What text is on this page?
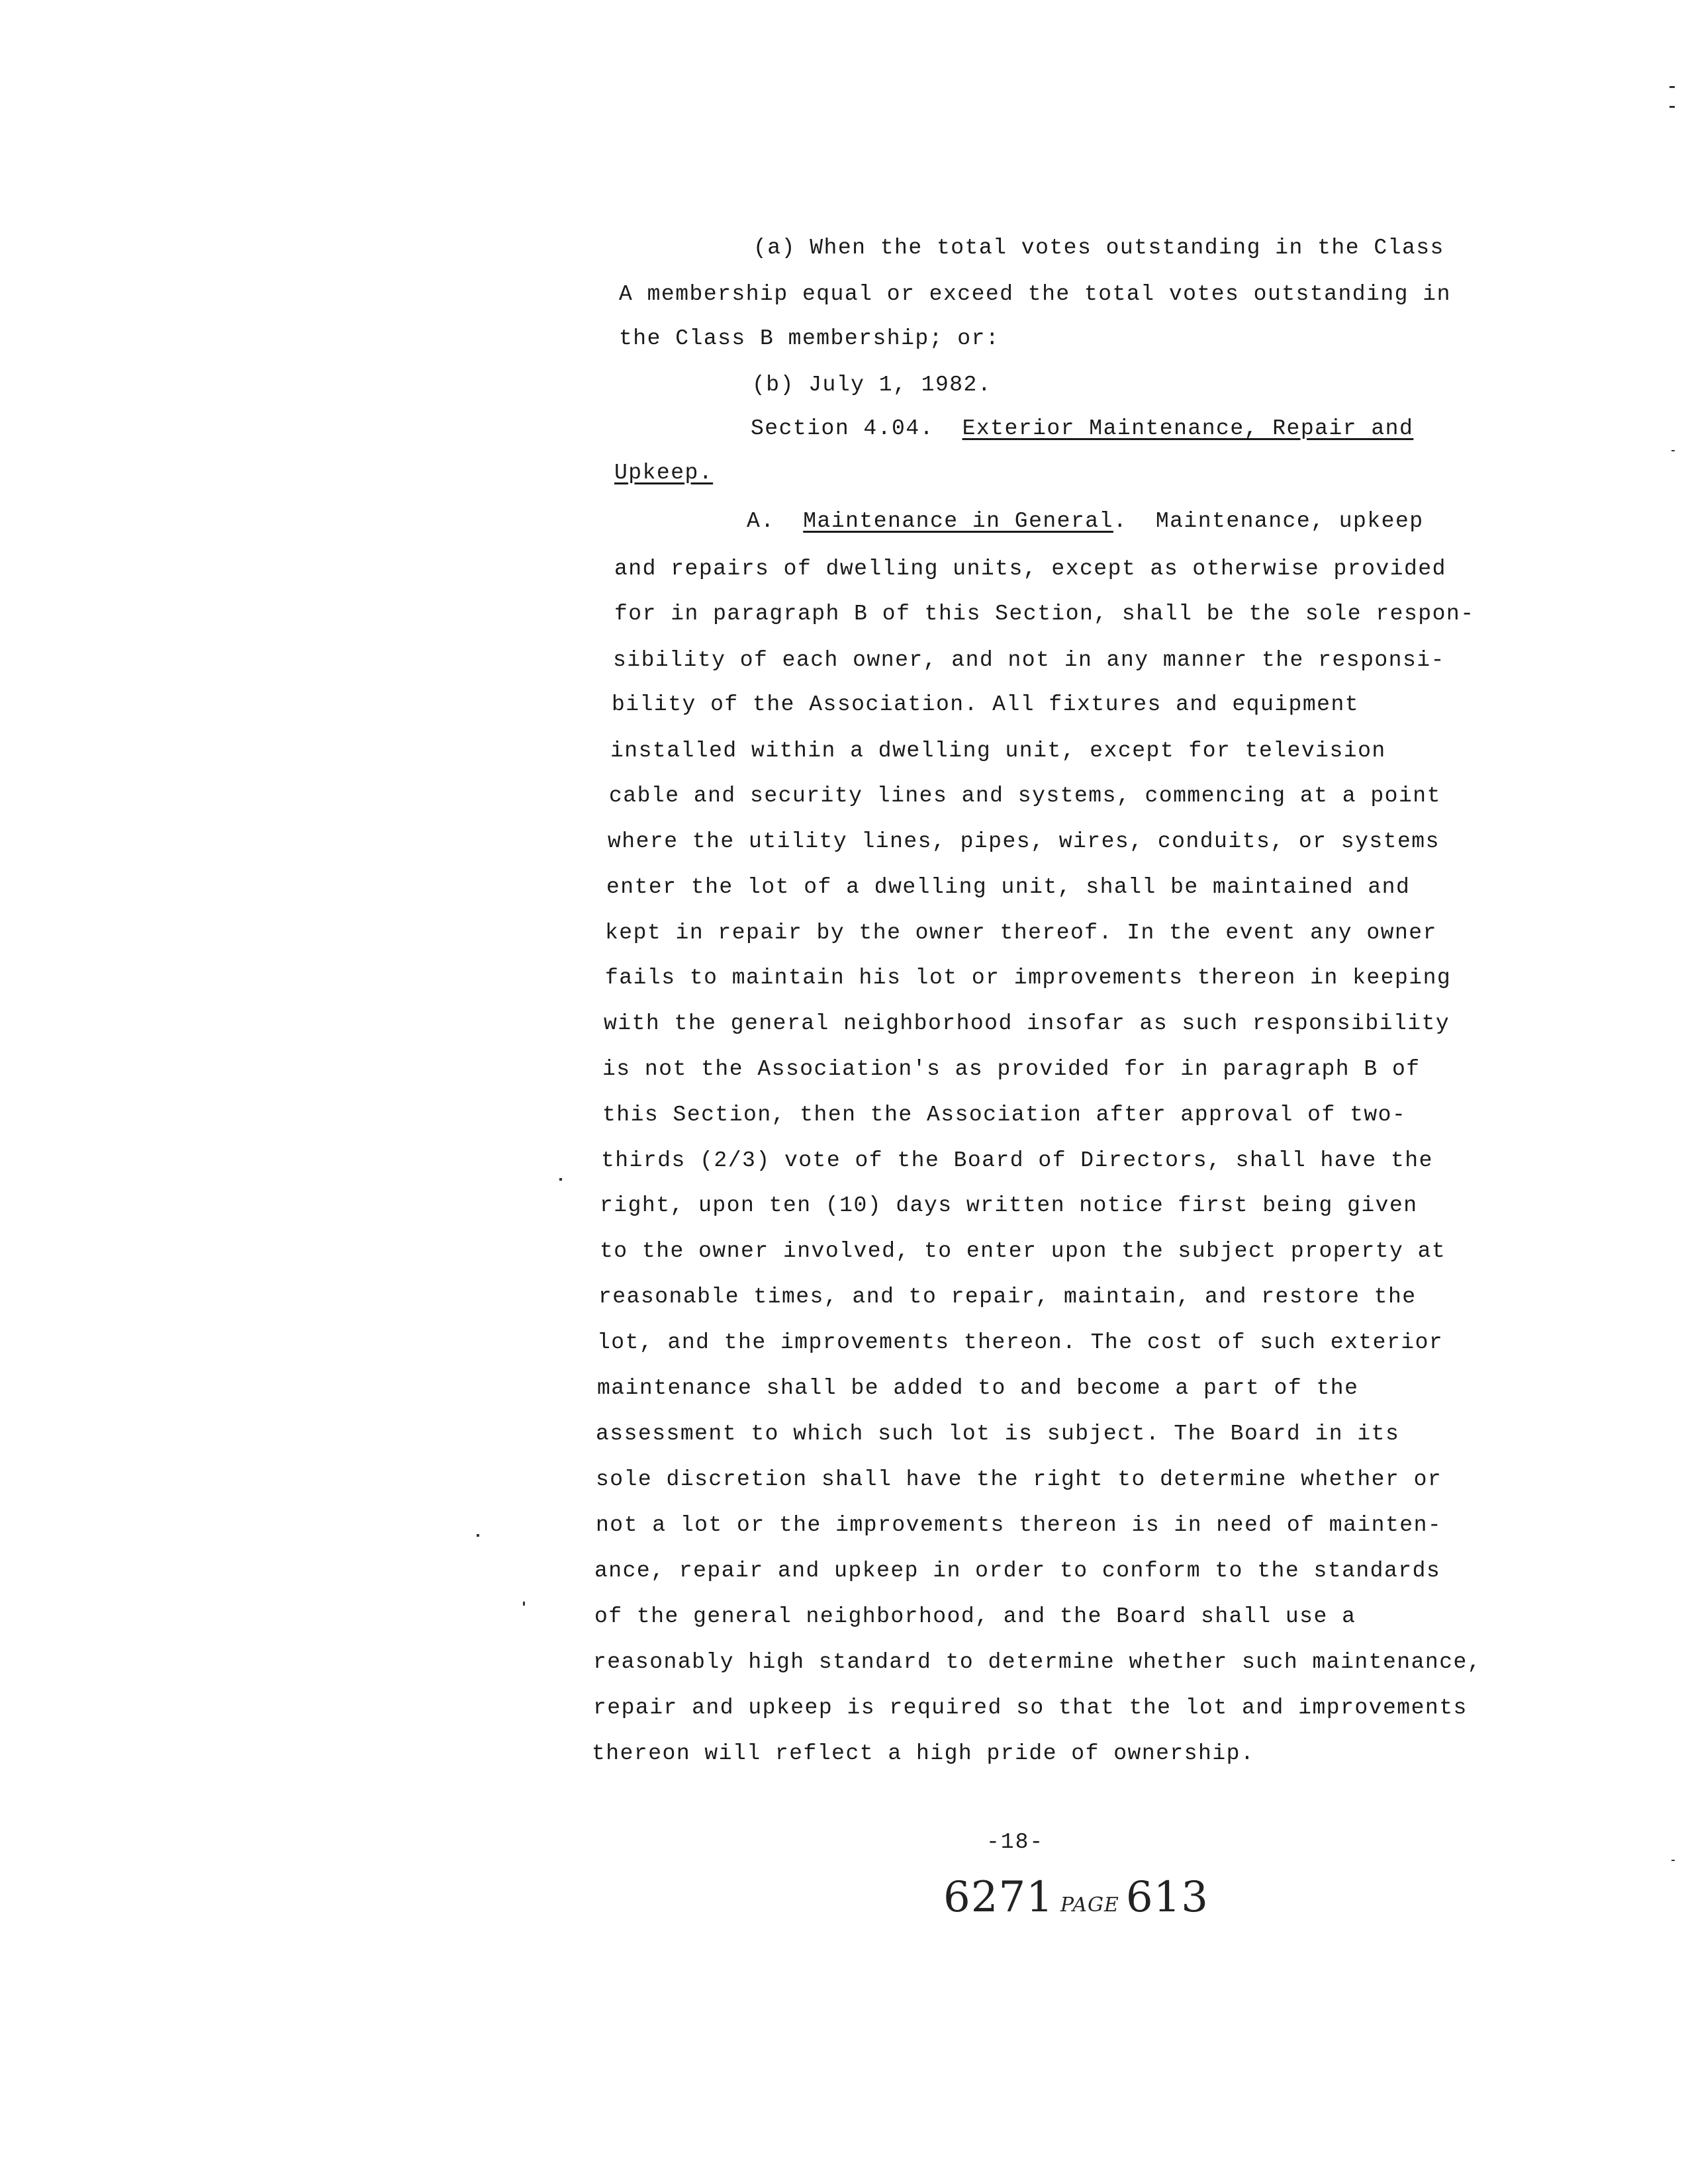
(a) When the total votes outstanding in the Class
A membership equal or exceed the total votes outstanding in
the Class B membership; or:
(b) July 1, 1982.
Section 4.04. Exterior Maintenance, Repair and
Upkeep.
A. Maintenance in General. Maintenance, upkeep
and repairs of dwelling units, except as otherwise provided
for in paragraph B of this Section, shall be the sole respon-
sibility of each owner, and not in any manner the responsi-
bility of the Association. All fixtures and equipment
installed within a dwelling unit, except for television
cable and security lines and systems, commencing at a point
where the utility lines, pipes, wires, conduits, or systems
enter the lot of a dwelling unit, shall be maintained and
kept in repair by the owner thereof. In the event any owner
fails to maintain his lot or improvements thereon in keeping
with the general neighborhood insofar as such responsibility
is not the Association's as provided for in paragraph B of
this Section, then the Association after approval of two-
thirds (2/3) vote of the Board of Directors, shall have the
right, upon ten (10) days written notice first being given
to the owner involved, to enter upon the subject property at
reasonable times, and to repair, maintain, and restore the
lot, and the improvements thereon. The cost of such exterior
maintenance shall be added to and become a part of the
assessment to which such lot is subject. The Board in its
sole discretion shall have the right to determine whether or
not a lot or the improvements thereon is in need of mainten-
ance, repair and upkeep in order to conform to the standards
of the general neighborhood, and the Board shall use a
reasonably high standard to determine whether such maintenance,
repair and upkeep is required so that the lot and improvements
thereon will reflect a high pride of ownership.
-18-
6271 PAGE 613
